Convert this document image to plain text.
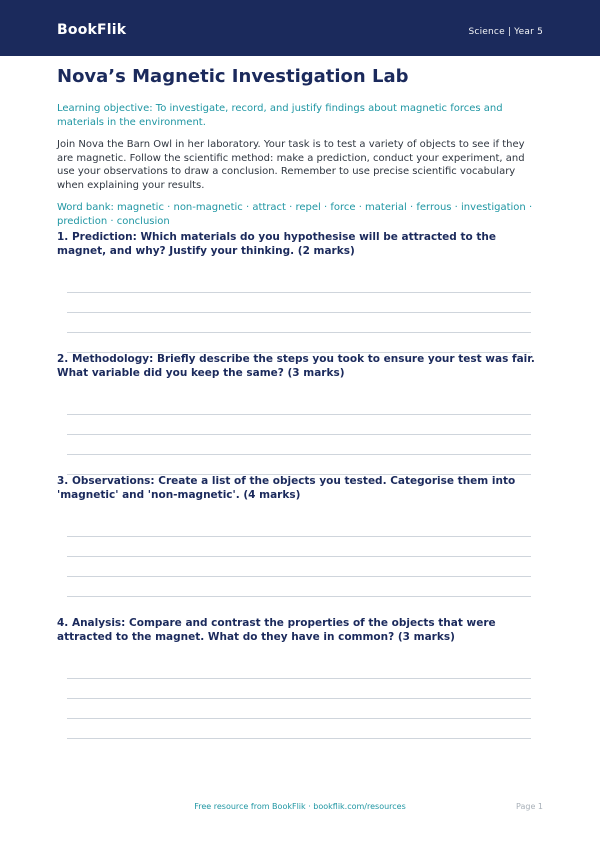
BookFlik	Science | Year 5
Nova’s Magnetic Investigation Lab

Learning objective: To investigate, record, and justify findings about magnetic forces and materials in the environment.

Join Nova the Barn Owl in her laboratory. Your task is to test a variety of objects to see if they are magnetic. Follow the scientific method: make a prediction, conduct your experiment, and use your observations to draw a conclusion. Remember to use precise scientific vocabulary when explaining your results.

Word bank: magnetic · non-magnetic · attract · repel · force · material · ferrous · investigation · prediction · conclusion

1. Prediction: Which materials do you hypothesise will be attracted to the magnet, and why? Justify your thinking. (2 marks)
2. Methodology: Briefly describe the steps you took to ensure your test was fair. What variable did you keep the same? (3 marks)
3. Observations: Create a list of the objects you tested. Categorise them into 'magnetic' and 'non-magnetic'. (4 marks)
4. Analysis: Compare and contrast the properties of the objects that were attracted to the magnet. What do they have in common? (3 marks)
Free resource from BookFlik · bookflik.com/resources	Page 1
